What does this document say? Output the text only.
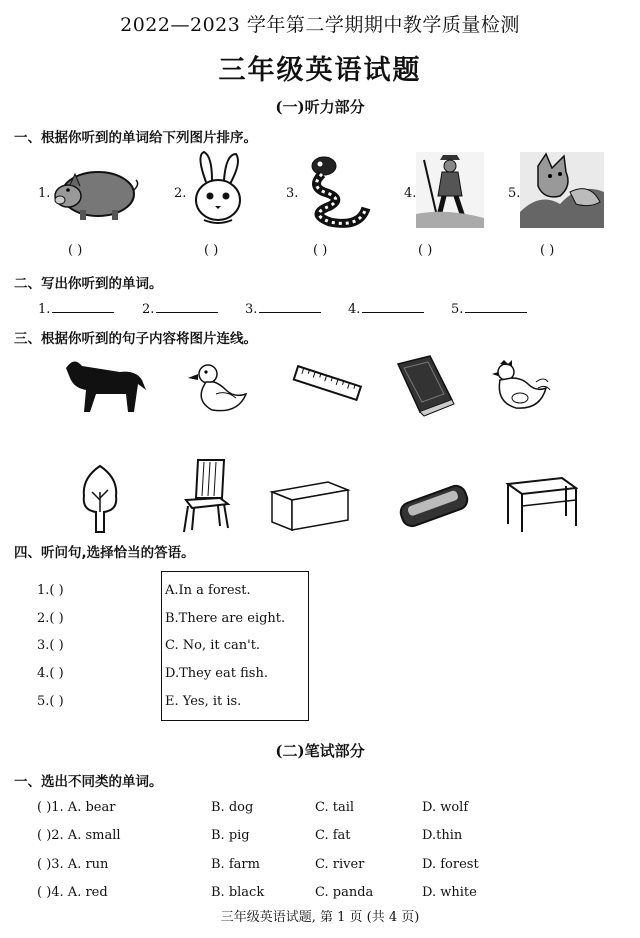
2022—2023 学年第二学期期中教学质量检测
三年级英语试题
(一)听力部分
一、根据你听到的单词给下列图片排序。
1.
( )
2.
( )
3.
( )
4.
( )
5.
( )
二、写出你听到的单词。
1.	2.	3.	4.	5.
三、根据你听到的句子内容将图片连线。
四、听问句,选择恰当的答语。
1.( )
2.( )
3.( )
4.( )
5.( )
A.In a forest.
B.There are eight.
C. No, it can't.
D.They eat fish.
E. Yes, it is.
(二)笔试部分
一、选出不同类的单词。
( )1. A. bear	B. dog	C. tail	D. wolf
( )2. A. small	B. pig	C. fat	D.thin
( )3. A. run	B. farm	C. river	D. forest
( )4. A. red	B. black	C. panda	D. white
三年级英语试题, 第 1 页 (共 4 页)
